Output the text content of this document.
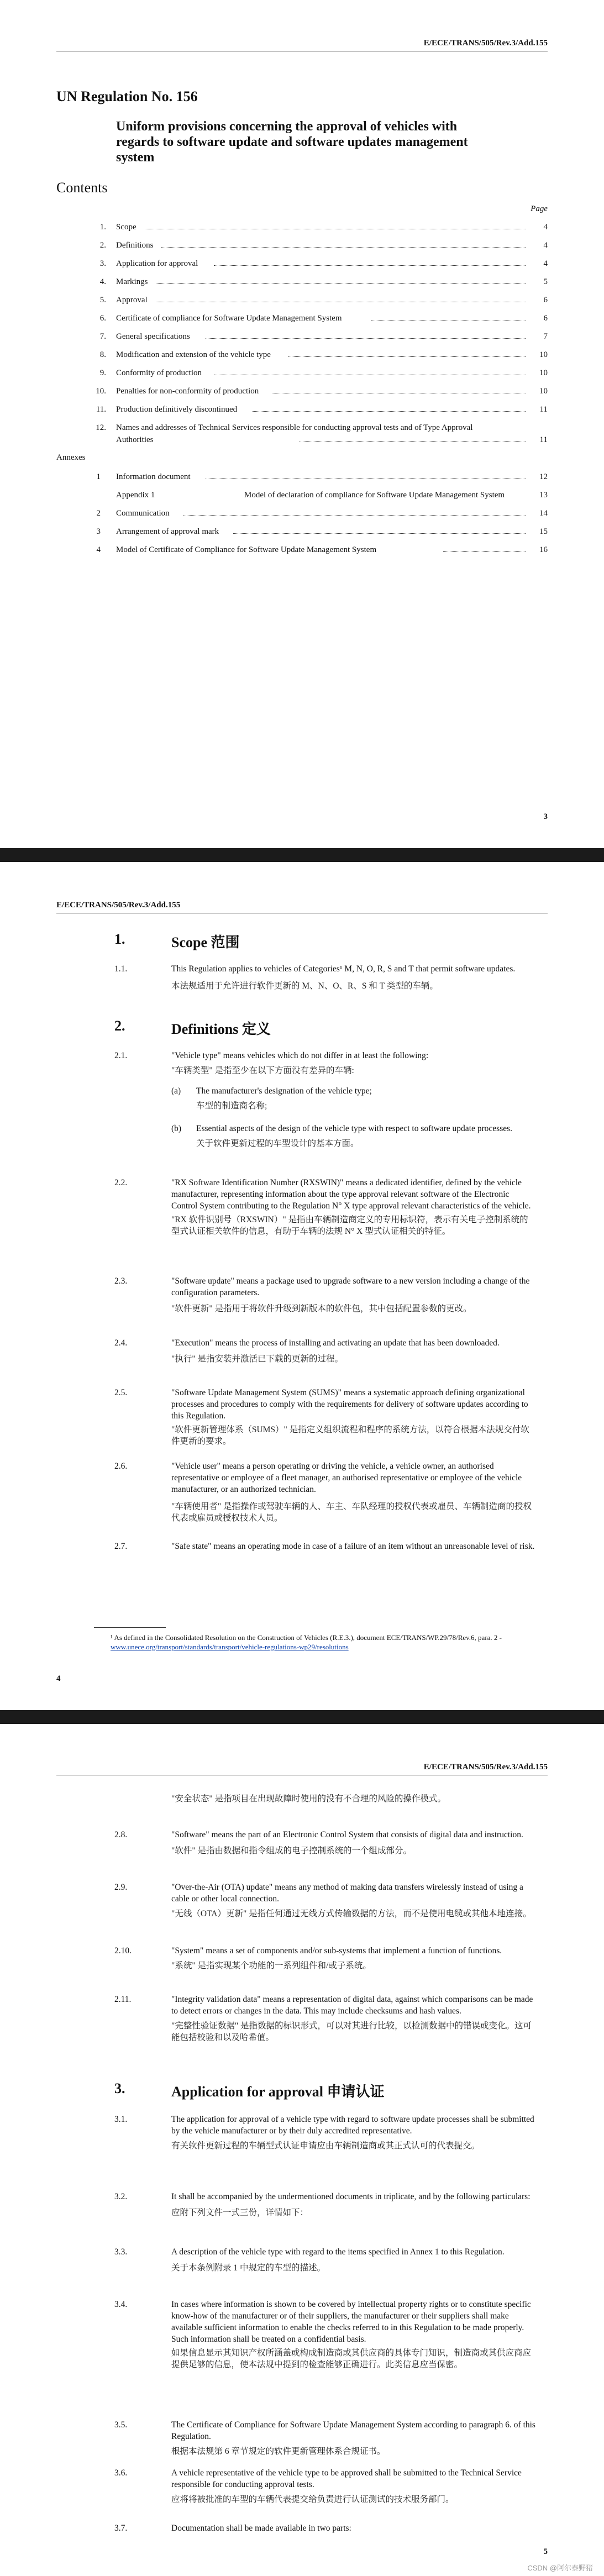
E/ECE/TRANS/505/Rev.3/Add.155
UN Regulation No. 156
Uniform provisions concerning the approval of vehicles with regards to software update and software updates management system
Contents
Page
1. Scope	4
2. Definitions	4
3. Application for approval	4
4. Markings	5
5. Approval	6
6. Certificate of compliance for Software Update Management System	6
7. General specifications	7
8. Modification and extension of the vehicle type	10
9. Conformity of production	10
10. Penalties for non-conformity of production	10
11. Production definitively discontinued	11
12. Names and addresses of Technical Services responsible for conducting approval tests and of Type Approval Authorities	11
Annexes
1 Information document	12
Appendix 1	Model of declaration of compliance for Software Update Management System	13
2 Communication	14
3 Arrangement of approval mark	15
4 Model of Certificate of Compliance for Software Update Management System	16
3
E/ECE/TRANS/505/Rev.3/Add.155
1.	Scope 范围
1.1.	This Regulation applies to vehicles of Categories¹ M, N, O, R, S and T that permit software updates.
本法规适用于允许进行软件更新的 M、N、O、R、S 和 T 类型的车辆。
2.	Definitions 定义
2.1.	"Vehicle type" means vehicles which do not differ in at least the following:
"车辆类型" 是指至少在以下方面没有差异的车辆:
(a) The manufacturer's designation of the vehicle type;
车型的制造商名称;
(b) Essential aspects of the design of the vehicle type with respect to software update processes.
关于软件更新过程的车型设计的基本方面。
2.2.	"RX Software Identification Number (RXSWIN)" means a dedicated identifier, defined by the vehicle manufacturer, representing information about the type approval relevant software of the Electronic Control System contributing to the Regulation N° X type approval relevant characteristics of the vehicle.
"RX 软件识别号（RXSWIN）" 是指由车辆制造商定义的专用标识符，表示有关电子控制系统的型式认证相关软件的信息，有助于车辆的法规 N° X 型式认证相关的特征。
2.3.	"Software update" means a package used to upgrade software to a new version including a change of the configuration parameters.
"软件更新" 是指用于将软件升级到新版本的软件包，其中包括配置参数的更改。
2.4.	"Execution" means the process of installing and activating an update that has been downloaded.
"执行" 是指安装并激活已下载的更新的过程。
2.5.	"Software Update Management System (SUMS)" means a systematic approach defining organizational processes and procedures to comply with the requirements for delivery of software updates according to this Regulation.
"软件更新管理体系（SUMS）" 是指定义组织流程和程序的系统方法，以符合根据本法规交付软件更新的要求。
2.6.	"Vehicle user" means a person operating or driving the vehicle, a vehicle owner, an authorised representative or employee of a fleet manager, an authorised representative or employee of the vehicle manufacturer, or an authorized technician.
"车辆使用者" 是指操作或驾驶车辆的人、车主、车队经理的授权代表或雇员、车辆制造商的授权代表或雇员或授权技术人员。
2.7.	"Safe state" means an operating mode in case of a failure of an item without an unreasonable level of risk.
¹ As defined in the Consolidated Resolution on the Construction of Vehicles (R.E.3.), document ECE/TRANS/WP.29/78/Rev.6, para. 2 -
www.unece.org/transport/standards/transport/vehicle-regulations-wp29/resolutions
4
E/ECE/TRANS/505/Rev.3/Add.155
"安全状态" 是指项目在出现故障时使用的没有不合理的风险的操作模式。
2.8.	"Software" means the part of an Electronic Control System that consists of digital data and instruction.
"软件" 是指由数据和指令组成的电子控制系统的一个组成部分。
2.9.	"Over-the-Air (OTA) update" means any method of making data transfers wirelessly instead of using a cable or other local connection.
"无线（OTA）更新" 是指任何通过无线方式传输数据的方法，而不是使用电缆或其他本地连接。
2.10.	"System" means a set of components and/or sub-systems that implement a function of functions.
"系统" 是指实现某个功能的一系列组件和/或子系统。
2.11.	"Integrity validation data" means a representation of digital data, against which comparisons can be made to detect errors or changes in the data. This may include checksums and hash values.
"完整性验证数据" 是指数据的标识形式，可以对其进行比较，以检测数据中的错误或变化。这可能包括校验和以及哈希值。
3.	Application for approval 申请认证
3.1.	The application for approval of a vehicle type with regard to software update processes shall be submitted by the vehicle manufacturer or by their duly accredited representative.
有关软件更新过程的车辆型式认证申请应由车辆制造商或其正式认可的代表提交。
3.2.	It shall be accompanied by the undermentioned documents in triplicate, and by the following particulars:
应附下列文件一式三份，详情如下：
3.3.	A description of the vehicle type with regard to the items specified in Annex 1 to this Regulation.
关于本条例附录 1 中规定的车型的描述。
3.4.	In cases where information is shown to be covered by intellectual property rights or to constitute specific know-how of the manufacturer or of their suppliers, the manufacturer or their suppliers shall make available sufficient information to enable the checks referred to in this Regulation to be made properly. Such information shall be treated on a confidential basis.
如果信息显示其知识产权所涵盖或构成制造商或其供应商的具体专门知识，制造商或其供应商应提供足够的信息，使本法规中提到的检查能够正确进行。此类信息应当保密。
3.5.	The Certificate of Compliance for Software Update Management System according to paragraph 6. of this Regulation.
根据本法规第 6 章节规定的软件更新管理体系合规证书。
3.6.	A vehicle representative of the vehicle type to be approved shall be submitted to the Technical Service responsible for conducting approval tests.
应将将被批准的车型的车辆代表提交给负责进行认证测试的技术服务部门。
3.7.	Documentation shall be made available in two parts:
5
CSDN @阿尔泰野猪
